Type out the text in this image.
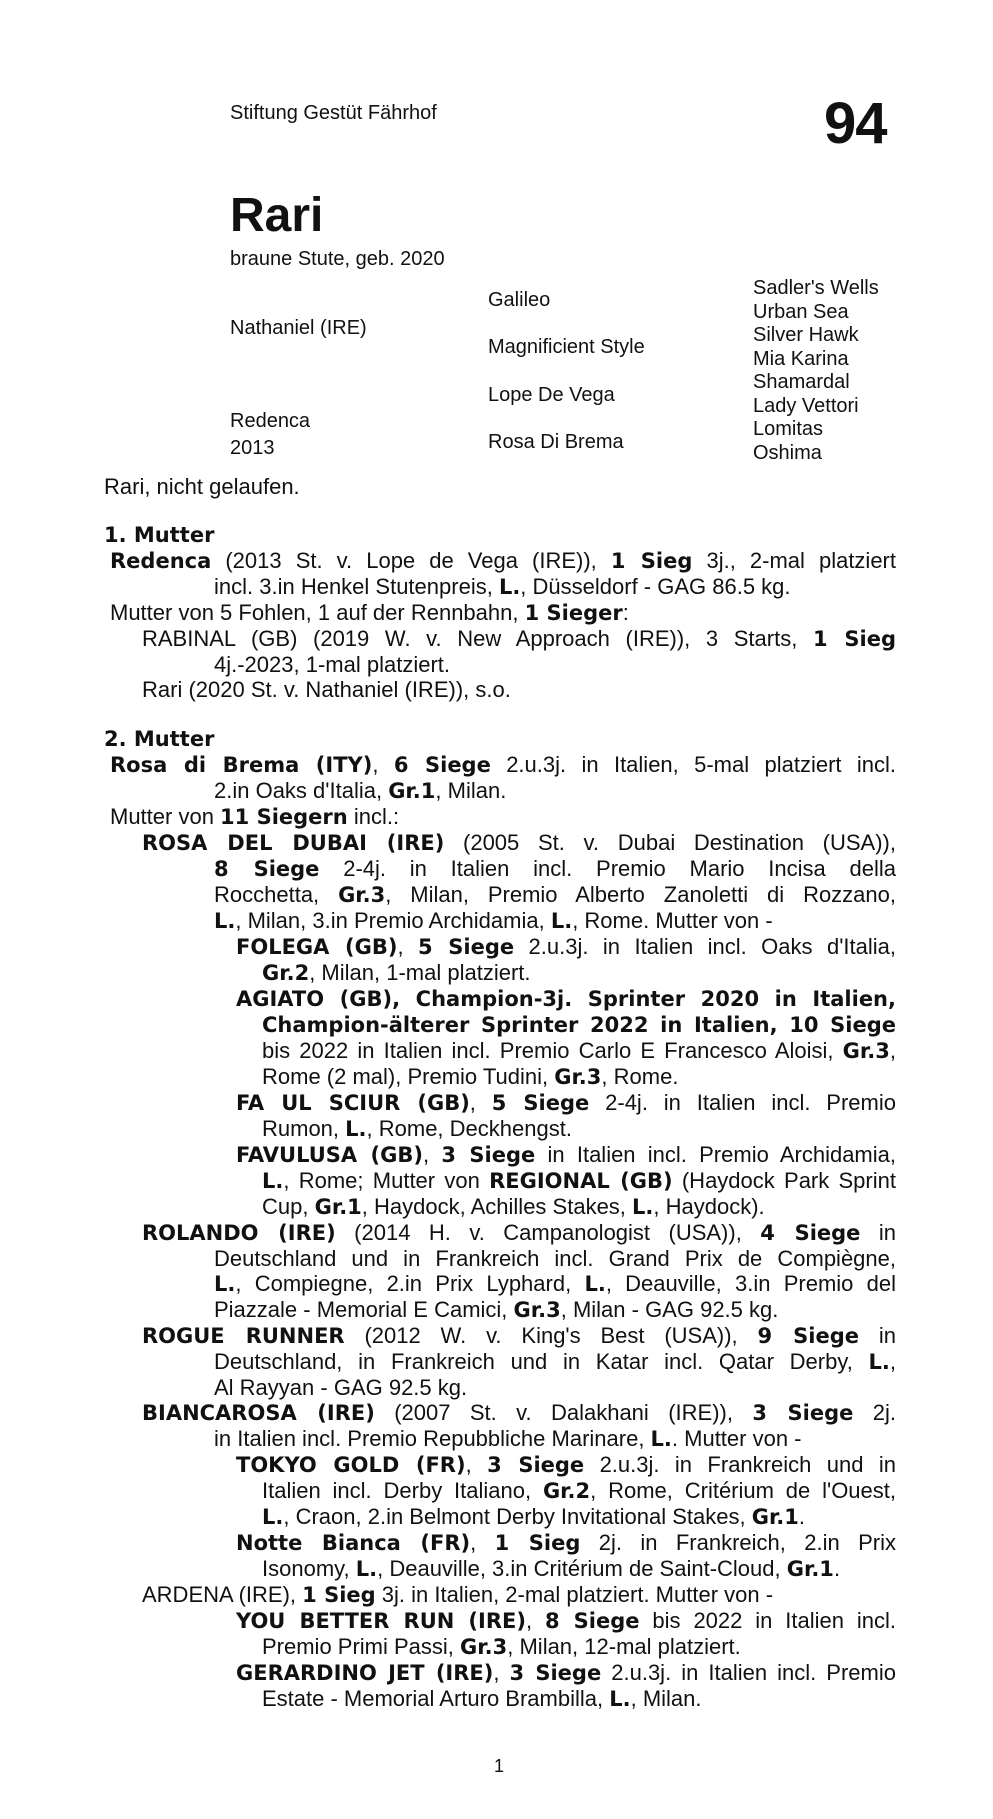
Stiftung Gestüt Fährhof	94
Rari
braune Stute, geb. 2020
Nathaniel (IRE)
Redenca
2013
Galileo
Magnificient Style
Lope De Vega
Rosa Di Brema
Sadler's Wells
Urban Sea
Silver Hawk
Mia Karina
Shamardal
Lady Vettori
Lomitas
Oshima
Rari, nicht gelaufen.
1. Mutter
Redenca (2013 St. v. Lope de Vega (IRE)), 1 Sieg 3j., 2-mal platziert
incl. 3.in Henkel Stutenpreis, L., Düsseldorf - GAG 86.5 kg.
Mutter von 5 Fohlen, 1 auf der Rennbahn, 1 Sieger:
RABINAL (GB) (2019 W. v. New Approach (IRE)), 3 Starts, 1 Sieg
4j.-2023, 1-mal platziert.
Rari (2020 St. v. Nathaniel (IRE)), s.o.
2. Mutter
Rosa di Brema (ITY), 6 Siege 2.u.3j. in Italien, 5-mal platziert incl.
2.in Oaks d'Italia, Gr.1, Milan.
Mutter von 11 Siegern incl.:
ROSA DEL DUBAI (IRE) (2005 St. v. Dubai Destination (USA)),
8 Siege 2-4j. in Italien incl. Premio Mario Incisa della
Rocchetta, Gr.3, Milan, Premio Alberto Zanoletti di Rozzano,
L., Milan, 3.in Premio Archidamia, L., Rome. Mutter von -
FOLEGA (GB), 5 Siege 2.u.3j. in Italien incl. Oaks d'Italia,
Gr.2, Milan, 1-mal platziert.
AGIATO (GB), Champion-3j. Sprinter 2020 in Italien,
Champion-älterer Sprinter 2022 in Italien, 10 Siege
bis 2022 in Italien incl. Premio Carlo E Francesco Aloisi, Gr.3,
Rome (2 mal), Premio Tudini, Gr.3, Rome.
FA UL SCIUR (GB), 5 Siege 2-4j. in Italien incl. Premio
Rumon, L., Rome, Deckhengst.
FAVULUSA (GB), 3 Siege in Italien incl. Premio Archidamia,
L., Rome; Mutter von REGIONAL (GB) (Haydock Park Sprint
Cup, Gr.1, Haydock, Achilles Stakes, L., Haydock).
ROLANDO (IRE) (2014 H. v. Campanologist (USA)), 4 Siege in
Deutschland und in Frankreich incl. Grand Prix de Compiègne,
L., Compiegne, 2.in Prix Lyphard, L., Deauville, 3.in Premio del
Piazzale - Memorial E Camici, Gr.3, Milan - GAG 92.5 kg.
ROGUE RUNNER (2012 W. v. King's Best (USA)), 9 Siege in
Deutschland, in Frankreich und in Katar incl. Qatar Derby, L.,
Al Rayyan - GAG 92.5 kg.
BIANCAROSA (IRE) (2007 St. v. Dalakhani (IRE)), 3 Siege 2j.
in Italien incl. Premio Repubbliche Marinare, L.. Mutter von -
TOKYO GOLD (FR), 3 Siege 2.u.3j. in Frankreich und in
Italien incl. Derby Italiano, Gr.2, Rome, Critérium de l'Ouest,
L., Craon, 2.in Belmont Derby Invitational Stakes, Gr.1.
Notte Bianca (FR), 1 Sieg 2j. in Frankreich, 2.in Prix
Isonomy, L., Deauville, 3.in Critérium de Saint-Cloud, Gr.1.
ARDENA (IRE), 1 Sieg 3j. in Italien, 2-mal platziert. Mutter von -
YOU BETTER RUN (IRE), 8 Siege bis 2022 in Italien incl.
Premio Primi Passi, Gr.3, Milan, 12-mal platziert.
GERARDINO JET (IRE), 3 Siege 2.u.3j. in Italien incl. Premio
Estate - Memorial Arturo Brambilla, L., Milan.
1
